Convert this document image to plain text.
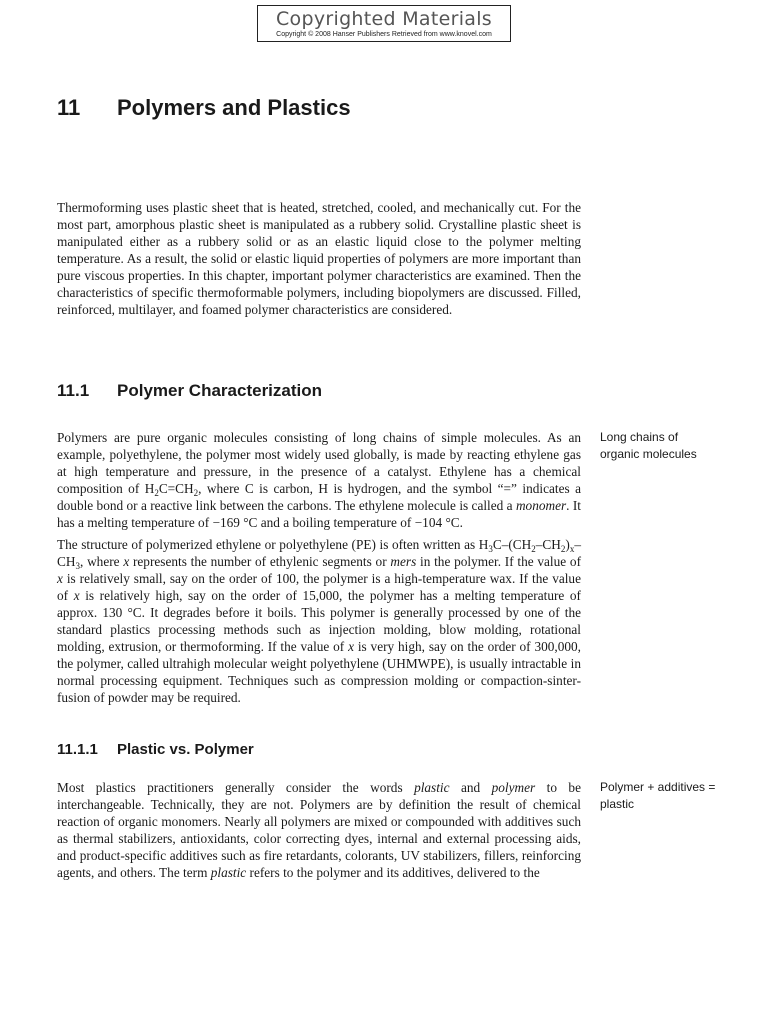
Copyrighted Materials
Copyright © 2008 Hanser Publishers Retrieved from www.knovel.com
11 Polymers and Plastics

Thermoforming uses plastic sheet that is heated, stretched, cooled, and mechanically cut. For the most part, amorphous plastic sheet is manipulated as a rubbery solid. Crystalline plastic sheet is manipulated either as a rubbery solid or as an elastic liquid close to the polymer melting temperature. As a result, the solid or elastic liquid properties of polymers are more important than pure viscous properties. In this chapter, important polymer characteristics are examined. Then the characteristics of specific thermoformable polymers, including biopolymers are discussed. Filled, reinforced, multilayer, and foamed polymer characteristics are considered.

11.1 Polymer Characterization

Polymers are pure organic molecules consisting of long chains of simple molecules. As an example, polyethylene, the polymer most widely used globally, is made by reacting ethylene gas at high temperature and pressure, in the presence of a catalyst. Ethylene has a chemical composition of $H_2C=CH_2$, where C is carbon, H is hydrogen, and the symbol “=” indicates a double bond or a reactive link between the carbons. The ethylene molecule is called a monomer. It has a melting temperature of −169 °C and a boiling temperature of −104 °C.

Long chains of organic molecules

The structure of polymerized ethylene or polyethylene (PE) is often written as $H_3C-(CH_2-CH_2)_x-CH_3$, where x represents the number of ethylenic segments or mers in the polymer. If the value of x is relatively small, say on the order of 100, the polymer is a high-temperature wax. If the value of x is relatively high, say on the order of 15,000, the polymer has a melting temperature of approx. 130 °C. It degrades before it boils. This polymer is generally processed by one of the standard plastics processing methods such as injection molding, blow molding, rotational molding, extrusion, or thermoforming. If the value of x is very high, say on the order of 300,000, the polymer, called ultrahigh molecular weight polyethylene (UHMWPE), is usually intractable in normal processing equipment. Techniques such as compression molding or compaction-sinter-fusion of powder may be required.

11.1.1 Plastic vs. Polymer

Most plastics practitioners generally consider the words plastic and polymer to be interchangeable. Technically, they are not. Polymers are by definition the result of chemical reaction of organic monomers. Nearly all polymers are mixed or compounded with additives such as thermal stabilizers, antioxidants, color correcting dyes, internal and external processing aids, and product-specific additives such as fire retardants, colorants, UV stabilizers, fillers, reinforcing agents, and others. The term plastic refers to the polymer and its additives, delivered to the

Polymer + additives = plastic
